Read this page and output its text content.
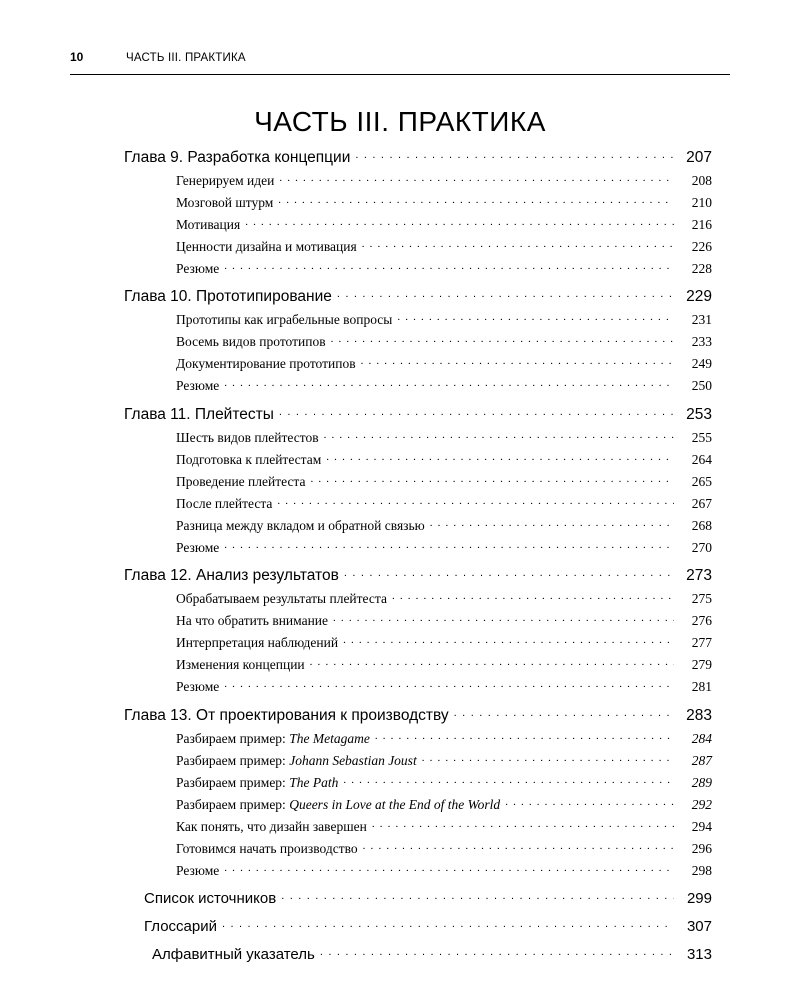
10	ЧАСТЬ III. ПРАКТИКА
ЧАСТЬ III. ПРАКТИКА
Глава 9. Разработка концепции . . .	207
Генерируем идеи . . .	208
Мозговой штурм . . .	210
Мотивация . . .	216
Ценности дизайна и мотивация . . .	226
Резюме . . .	228
Глава 10. Прототипирование . . .	229
Прототипы как играбельные вопросы . . .	231
Восемь видов прототипов . . .	233
Документирование прототипов . . .	249
Резюме . . .	250
Глава 11. Плейтесты . . .	253
Шесть видов плейтестов . . .	255
Подготовка к плейтестам . . .	264
Проведение плейтеста . . .	265
После плейтеста . . .	267
Разница между вкладом и обратной связью . . .	268
Резюме . . .	270
Глава 12. Анализ результатов . . .	273
Обрабатываем результаты плейтеста . . .	275
На что обратить внимание . . .	276
Интерпретация наблюдений . . .	277
Изменения концепции . . .	279
Резюме . . .	281
Глава 13. От проектирования к производству . . .	283
Разбираем пример: The Metagame . . .	284
Разбираем пример: Johann Sebastian Joust . . .	287
Разбираем пример: The Path . . .	289
Разбираем пример: Queers in Love at the End of the World . . .	292
Как понять, что дизайн завершен . . .	294
Готовимся начать производство . . .	296
Резюме . . .	298
Список источников . . .	299
Глоссарий . . .	307
Алфавитный указатель . . .	313
